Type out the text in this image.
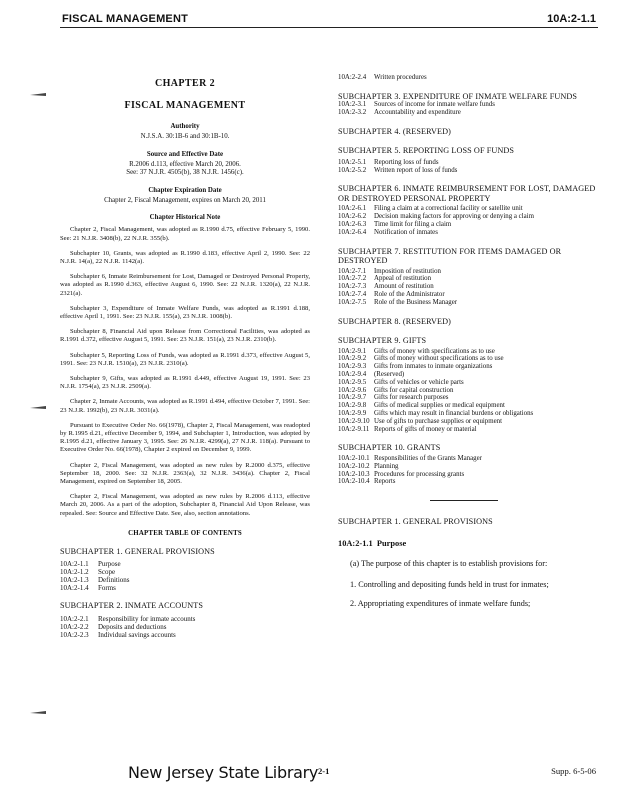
FISCAL MANAGEMENT	10A:2-1.1
CHAPTER 2
FISCAL MANAGEMENT
Authority
N.J.S.A. 30:1B-6 and 30:1B-10.
Source and Effective Date
R.2006 d.113, effective March 20, 2006.
See: 37 N.J.R. 4505(b), 38 N.J.R. 1456(c).
Chapter Expiration Date
Chapter 2, Fiscal Management, expires on March 20, 2011
Chapter Historical Note

Chapter 2, Fiscal Management, was adopted as R.1990 d.75, effective February 5, 1990. See: 21 N.J.R. 3408(b), 22 N.J.R. 355(b).

Subchapter 10, Grants, was adopted as R.1990 d.183, effective April 2, 1990. See: 22 N.J.R. 14(a), 22 N.J.R. 1142(a).

Subchapter 6, Inmate Reimbursement for Lost, Damaged or Destroyed Personal Property, was adopted as R.1990 d.363, effective August 6, 1990. See: 22 N.J.R. 1320(a), 22 N.J.R. 2321(a).

Subchapter 3, Expenditure of Inmate Welfare Funds, was adopted as R.1991 d.188, effective April 1, 1991. See: 23 N.J.R. 155(a), 23 N.J.R. 1008(b).

Subchapter 8, Financial Aid upon Release from Correctional Facilities, was adopted as R.1991 d.372, effective August 5, 1991. See: 23 N.J.R. 151(a), 23 N.J.R. 2310(b).

Subchapter 5, Reporting Loss of Funds, was adopted as R.1991 d.373, effective August 5, 1991. See: 23 N.J.R. 1510(a), 23 N.J.R. 2310(a).

Subchapter 9, Gifts, was adopted as R.1991 d.449, effective August 19, 1991. See: 23 N.J.R. 1754(a), 23 N.J.R. 2509(a).

Chapter 2, Inmate Accounts, was adopted as R.1991 d.494, effective October 7, 1991. See: 23 N.J.R. 1992(b), 23 N.J.R. 3031(a).

Pursuant to Executive Order No. 66(1978), Chapter 2, Fiscal Management, was readopted by R.1995 d.21, effective December 9, 1994, and Subchapter 1, Introduction, was adopted by R.1995 d.21, effective January 3, 1995. See: 26 N.J.R. 4299(a), 27 N.J.R. 118(a). Pursuant to Executive Order No. 66(1978), Chapter 2 expired on December 9, 1999.

Chapter 2, Fiscal Management, was adopted as new rules by R.2000 d.375, effective September 18, 2000. See: 32 N.J.R. 2363(a), 32 N.J.R. 3436(a). Chapter 2, Fiscal Management, expired on September 18, 2005.

Chapter 2, Fiscal Management, was adopted as new rules by R.2006 d.113, effective March 20, 2006. As a part of the adoption, Subchapter 8, Financial Aid Upon Release, was repealed. See: Source and Effective Date. See, also, section annotations.

CHAPTER TABLE OF CONTENTS
SUBCHAPTER 1. GENERAL PROVISIONS
10A:2-1.1	Purpose
10A:2-1.2	Scope
10A:2-1.3	Definitions
10A:2-1.4	Forms
SUBCHAPTER 2. INMATE ACCOUNTS
10A:2-2.1	Responsibility for inmate accounts
10A:2-2.2	Deposits and deductions
10A:2-2.3	Individual savings accounts
10A:2-2.4	Written procedures
SUBCHAPTER 3. EXPENDITURE OF INMATE WELFARE FUNDS
10A:2-3.1	Sources of income for inmate welfare funds
10A:2-3.2	Accountability and expenditure
SUBCHAPTER 4. (RESERVED)
SUBCHAPTER 5. REPORTING LOSS OF FUNDS
10A:2-5.1	Reporting loss of funds
10A:2-5.2	Written report of loss of funds
SUBCHAPTER 6. INMATE REIMBURSEMENT FOR LOST, DAMAGED OR DESTROYED PERSONAL PROPERTY
10A:2-6.1	Filing a claim at a correctional facility or satellite unit
10A:2-6.2	Decision making factors for approving or denying a claim
10A:2-6.3	Time limit for filing a claim
10A:2-6.4	Notification of inmates
SUBCHAPTER 7. RESTITUTION FOR ITEMS DAMAGED OR DESTROYED
10A:2-7.1	Imposition of restitution
10A:2-7.2	Appeal of restitution
10A:2-7.3	Amount of restitution
10A:2-7.4	Role of the Administrator
10A:2-7.5	Role of the Business Manager
SUBCHAPTER 8. (RESERVED)
SUBCHAPTER 9. GIFTS
10A:2-9.1	Gifts of money with specifications as to use
10A:2-9.2	Gifts of money without specifications as to use
10A:2-9.3	Gifts from inmates to inmate organizations
10A:2-9.4	(Reserved)
10A:2-9.5	Gifts of vehicles or vehicle parts
10A:2-9.6	Gifts for capital construction
10A:2-9.7	Gifts for research purposes
10A:2-9.8	Gifts of medical supplies or medical equipment
10A:2-9.9	Gifts which may result in financial burdens or obligations
10A:2-9.10 Use of gifts to purchase supplies or equipment
10A:2-9.11 Reports of gifts of money or material
SUBCHAPTER 10. GRANTS
10A:2-10.1 Responsibilities of the Grants Manager
10A:2-10.2 Planning
10A:2-10.3 Procedures for processing grants
10A:2-10.4 Reports
SUBCHAPTER 1. GENERAL PROVISIONS
10A:2-1.1 Purpose

(a) The purpose of this chapter is to establish provisions for:

1. Controlling and depositing funds held in trust for inmates;

2. Appropriating expenditures of inmate welfare funds;

New Jersey State Library 2-1	Supp. 6-5-06
